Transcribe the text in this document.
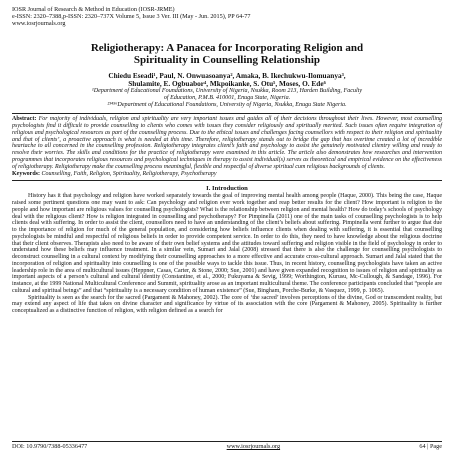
IOSR Journal of Research & Method in Education (IOSR-JRME)
e-ISSN: 2320–7388,p-ISSN: 2320–737X Volume 5, Issue 3 Ver. III (May - Jun. 2015), PP 64-77
www.iosrjournals.org
Religiotherapy: A Panacea for Incorporating Religion and
Spirituality in Counselling Relationship
Chiedu Eseadi¹, Paul, N. Onwuasoanya², Amaka, B. Ikechukwu-Ilomuanya³,
Shulamite, E. Ogbuabor⁴, Mkpoikanke, S. Otu⁵, Moses, O. Ede⁶
¹Department of Educational Foundations, University of Nigeria, Nsukka, Room 213, Harden Building, Faculty
of Education, P.M.B. 410001, Enugu State, Nigeria.
²³⁴⁵⁶Department of Educational Foundations, University of Nigeria, Nsukka, Enugu State Nigeria.
Abstract: For majority of individuals, religion and spirituality are very important issues and guides all of their decisions throughout their lives. However, most counselling psychologists find it difficult to provide counselling to clients who comes with issues they consider religiously and spiritually merited. Such issues often require integration of religious and psychological resources as part of the counselling process. Due to the ethical issues and challenges facing counsellors with respect to their religion and spirituality and that of clients’, a proactive approach is what is needed at this time. Therefore, religiotherapy stands out to bridge the gap that has overtime created a lot of incredible heartache to all concerned in the counselling profession. Religiotherapy integrates client’s faith and psychology to assist the genuinely motivated clientry willing and ready to resolve their worries. The skills and conditions for the practice of religiotherapy were examined in this article. The article also demonstrates how researches and intervention programmes that incorporates religious resources and psychological techniques in therapy to assist individual(s) serves as theoretical and empirical evidence on the effectiveness of religiotherapy. Religiotherapy make the counselling process meaningful, flexible and respectful of diverse spiritual cum religious backgrounds of clients.
Keywords: Counselling, Faith, Religion, Spirituality, Religiotherapy, Psychotherapy
I. Introduction
History has it that psychology and religion have worked separately towards the goal of improving mental health among people (Haque, 2000). This being the case, Haque raised some pertinent questions one may want to ask: Can psychology and religion ever work together and reap better results for the client? How important is religion to the people and how important are religious values for counselling psychologists? What is the relationship between religion and mental health? How do today’s schools of psychology deal with the religious client? How is religion integrated in counselling and psychotherapy? For Pimpinella (2011) one of the main tasks of counselling psychologists is to help clients deal with suffering. In order to assist the client, counsellors need to have an understanding of the client’s beliefs about suffering. Pimpinella went further to argue that due to the importance of religion for much of the general population, and considering how beliefs influence clients when dealing with suffering, it is essential that counselling psychologists be mindful and respectful of religious beliefs in order to provide competent service. In order to do this, they need to have knowledge about the religious doctrine that their client observes. Therapists also need to be aware of their own belief systems and the attitudes toward suffering and religion visible in the field of psychology in order to understand how these beliefs may influence treatment. In a similar vein, Sumari and Jalal (2008) stressed that there is also the challenge for counselling psychologists to deconstruct counselling in a cultural context by modifying their counselling approaches to a more effective and accurate cross-cultural approach. Sumari and Jalal stated that the incorporation of religion and spirituality into counselling is one of the possible ways to tackle this issue. Thus, in recent history, counselling psychologists have taken an active leadership role in the area of multicultural issues (Heppner, Casas, Carter, & Stone, 2000; Sue, 2001) and have given expanded recognition to issues of religion and spirituality as important aspects of a person’s cultural and cultural identity (Constantine, et al., 2000; Fukuyama & Sevig, 1999; Worthington, Kurusu, Mc-Cullough, & Sandage, 1996). For instance, at the 1999 National Multicultural Conference and Summit, spirituality arose as an important multicultural theme. The conference participants concluded that “people are cultural and spiritual beings” and that “spirituality is a necessary condition of human existence” (Sue, Bingham, Porche-Burke, & Vasquez, 1999, p. 1065).
Spirituality is seen as the search for the sacred (Pargament & Mahoney, 2002). The core of ‘the sacred’ involves perceptions of the divine, God or transcendent reality, but may extend any aspect of life that takes on divine character and significance by virtue of its association with the core (Pargament & Mahoney, 2005). Spirituality is further conceptualized as a distinctive function of religion, with religion defined as a search for
DOI: 10.9790/7388-05336477	www.iosrjournals.org	64 | Page
